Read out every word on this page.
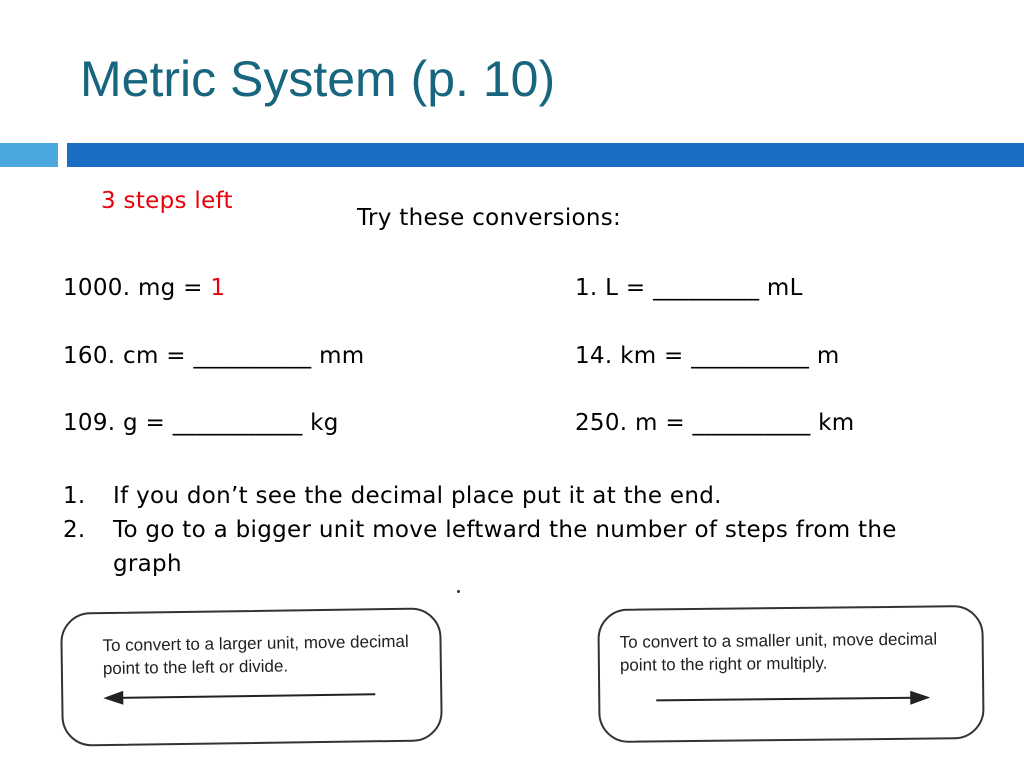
Metric System (p. 10)
3 steps left
Try these conversions:
1000. mg = 1
160. cm = __________ mm
109. g = ___________ kg
1. L = _________ mL
14. km = __________ m
250. m = __________ km
1. If you don’t see the decimal place put it at the end.
2. To go to a bigger unit move leftward the number of steps from the graph
To convert to a larger unit, move decimal point to the left or divide.
To convert to a smaller unit, move decimal point to the right or multiply.
